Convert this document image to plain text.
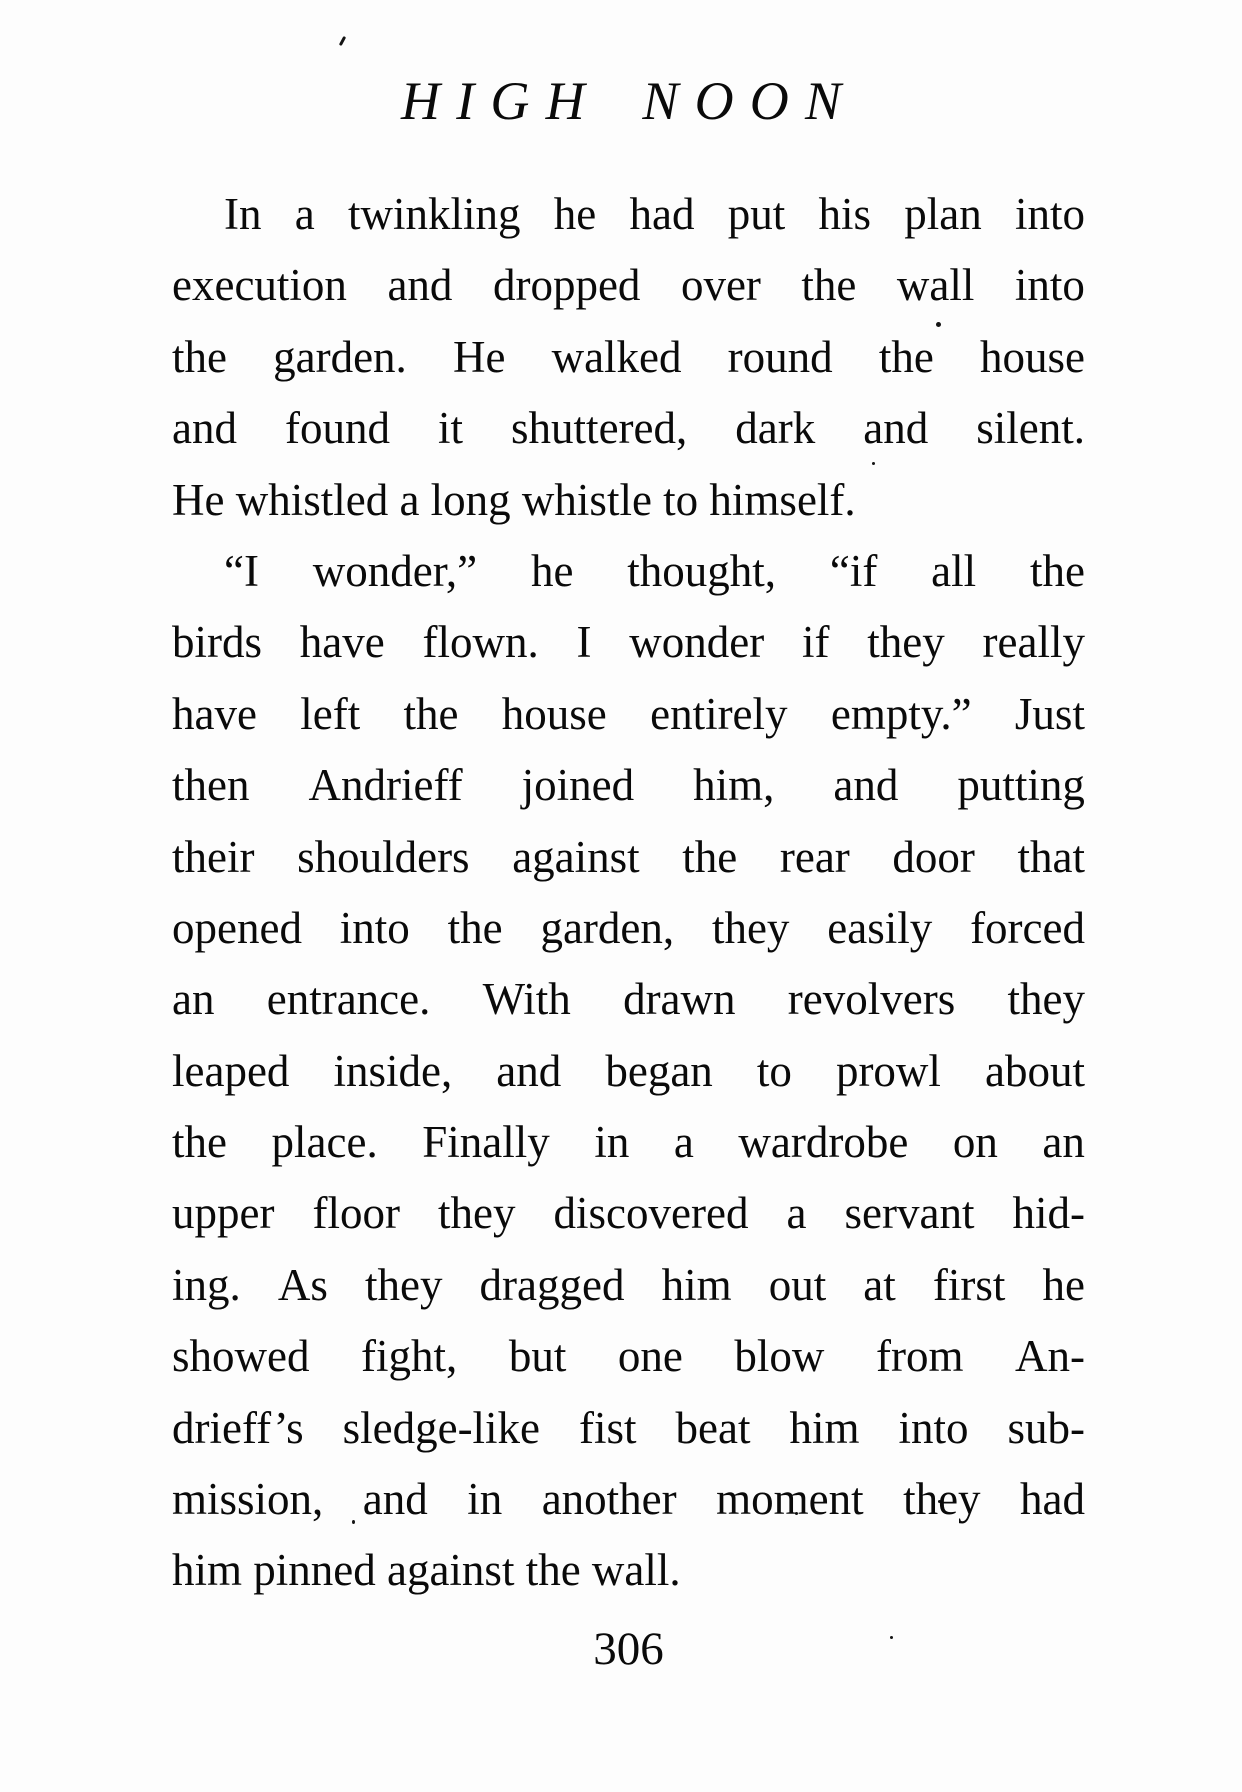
HIGH NOON
In a twinkling he had put his plan into
execution and dropped over the wall into
the garden. He walked round the house
and found it shuttered, dark and silent.
He whistled a long whistle to himself.
“I wonder,” he thought, “if all the
birds have flown. I wonder if they really
have left the house entirely empty.” Just
then Andrieff joined him, and putting
their shoulders against the rear door that
opened into the garden, they easily forced
an entrance. With drawn revolvers they
leaped inside, and began to prowl about
the place. Finally in a wardrobe on an
upper floor they discovered a servant hid-
ing. As they dragged him out at first he
showed fight, but one blow from An-
drieff’s sledge-like fist beat him into sub-
mission, and in another moment they had
him pinned against the wall.
306
